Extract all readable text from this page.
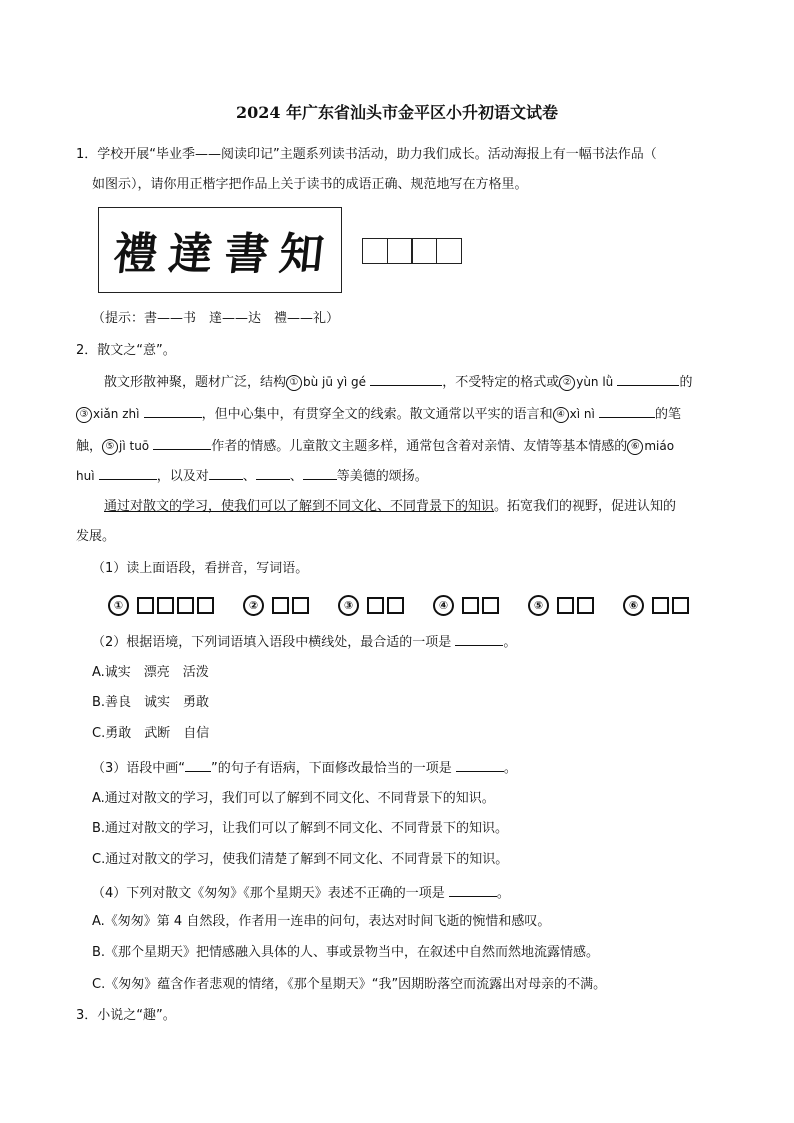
2024 年广东省汕头市金平区小升初语文试卷
1．学校开展“毕业季——阅读印记”主题系列读书活动，助力我们成长。活动海报上有一幅书法作品（
如图示），请你用正楷字把作品上关于读书的成语正确、规范地写在方格里。
禮 達 書 知
（提示：書——书　達——达　禮——礼）
2．散文之“意”。
散文形散神聚，题材广泛，结构 ① bù jū yì gé	，不受特定的格式或 ② yùn lǜ	的
③ xiǎn zhì	，但中心集中，有贯穿全文的线索。散文通常以平实的语言和 ④ xì nì	的笔
触， ⑤ jì tuō	作者的情感。儿童散文主题多样，通常包含着对亲情、友情等基本情感的 ⑥ miáo
huì	，以及对	、	、	等美德的颂扬。
通过对散文的学习，使我们可以了解到不同文化、不同背景下的知识。拓宽我们的视野，促进认知的
发展。
（1）读上面语段，看拼音，写词语。
①	②	③	④	⑤	⑥
（2）根据语境，下列词语填入语段中横线处，最合适的一项是	。
A.诚实　漂亮　活泼
B.善良　诚实　勇敢
C.勇敢　武断　自信
（3）语段中画“ ”的句子有语病，下面修改最恰当的一项是	。
A.通过对散文的学习，我们可以了解到不同文化、不同背景下的知识。
B.通过对散文的学习，让我们可以了解到不同文化、不同背景下的知识。
C.通过对散文的学习，使我们清楚了解到不同文化、不同背景下的知识。
（4）下列对散文《匆匆》《那个星期天》表述不正确的一项是	。
A.《匆匆》第 4 自然段，作者用一连串的问句，表达对时间飞逝的惋惜和感叹。
B.《那个星期天》把情感融入具体的人、事或景物当中，在叙述中自然而然地流露情感。
C.《匆匆》蕴含作者悲观的情绪，《那个星期天》“我”因期盼落空而流露出对母亲的不满。
3．小说之“趣”。
